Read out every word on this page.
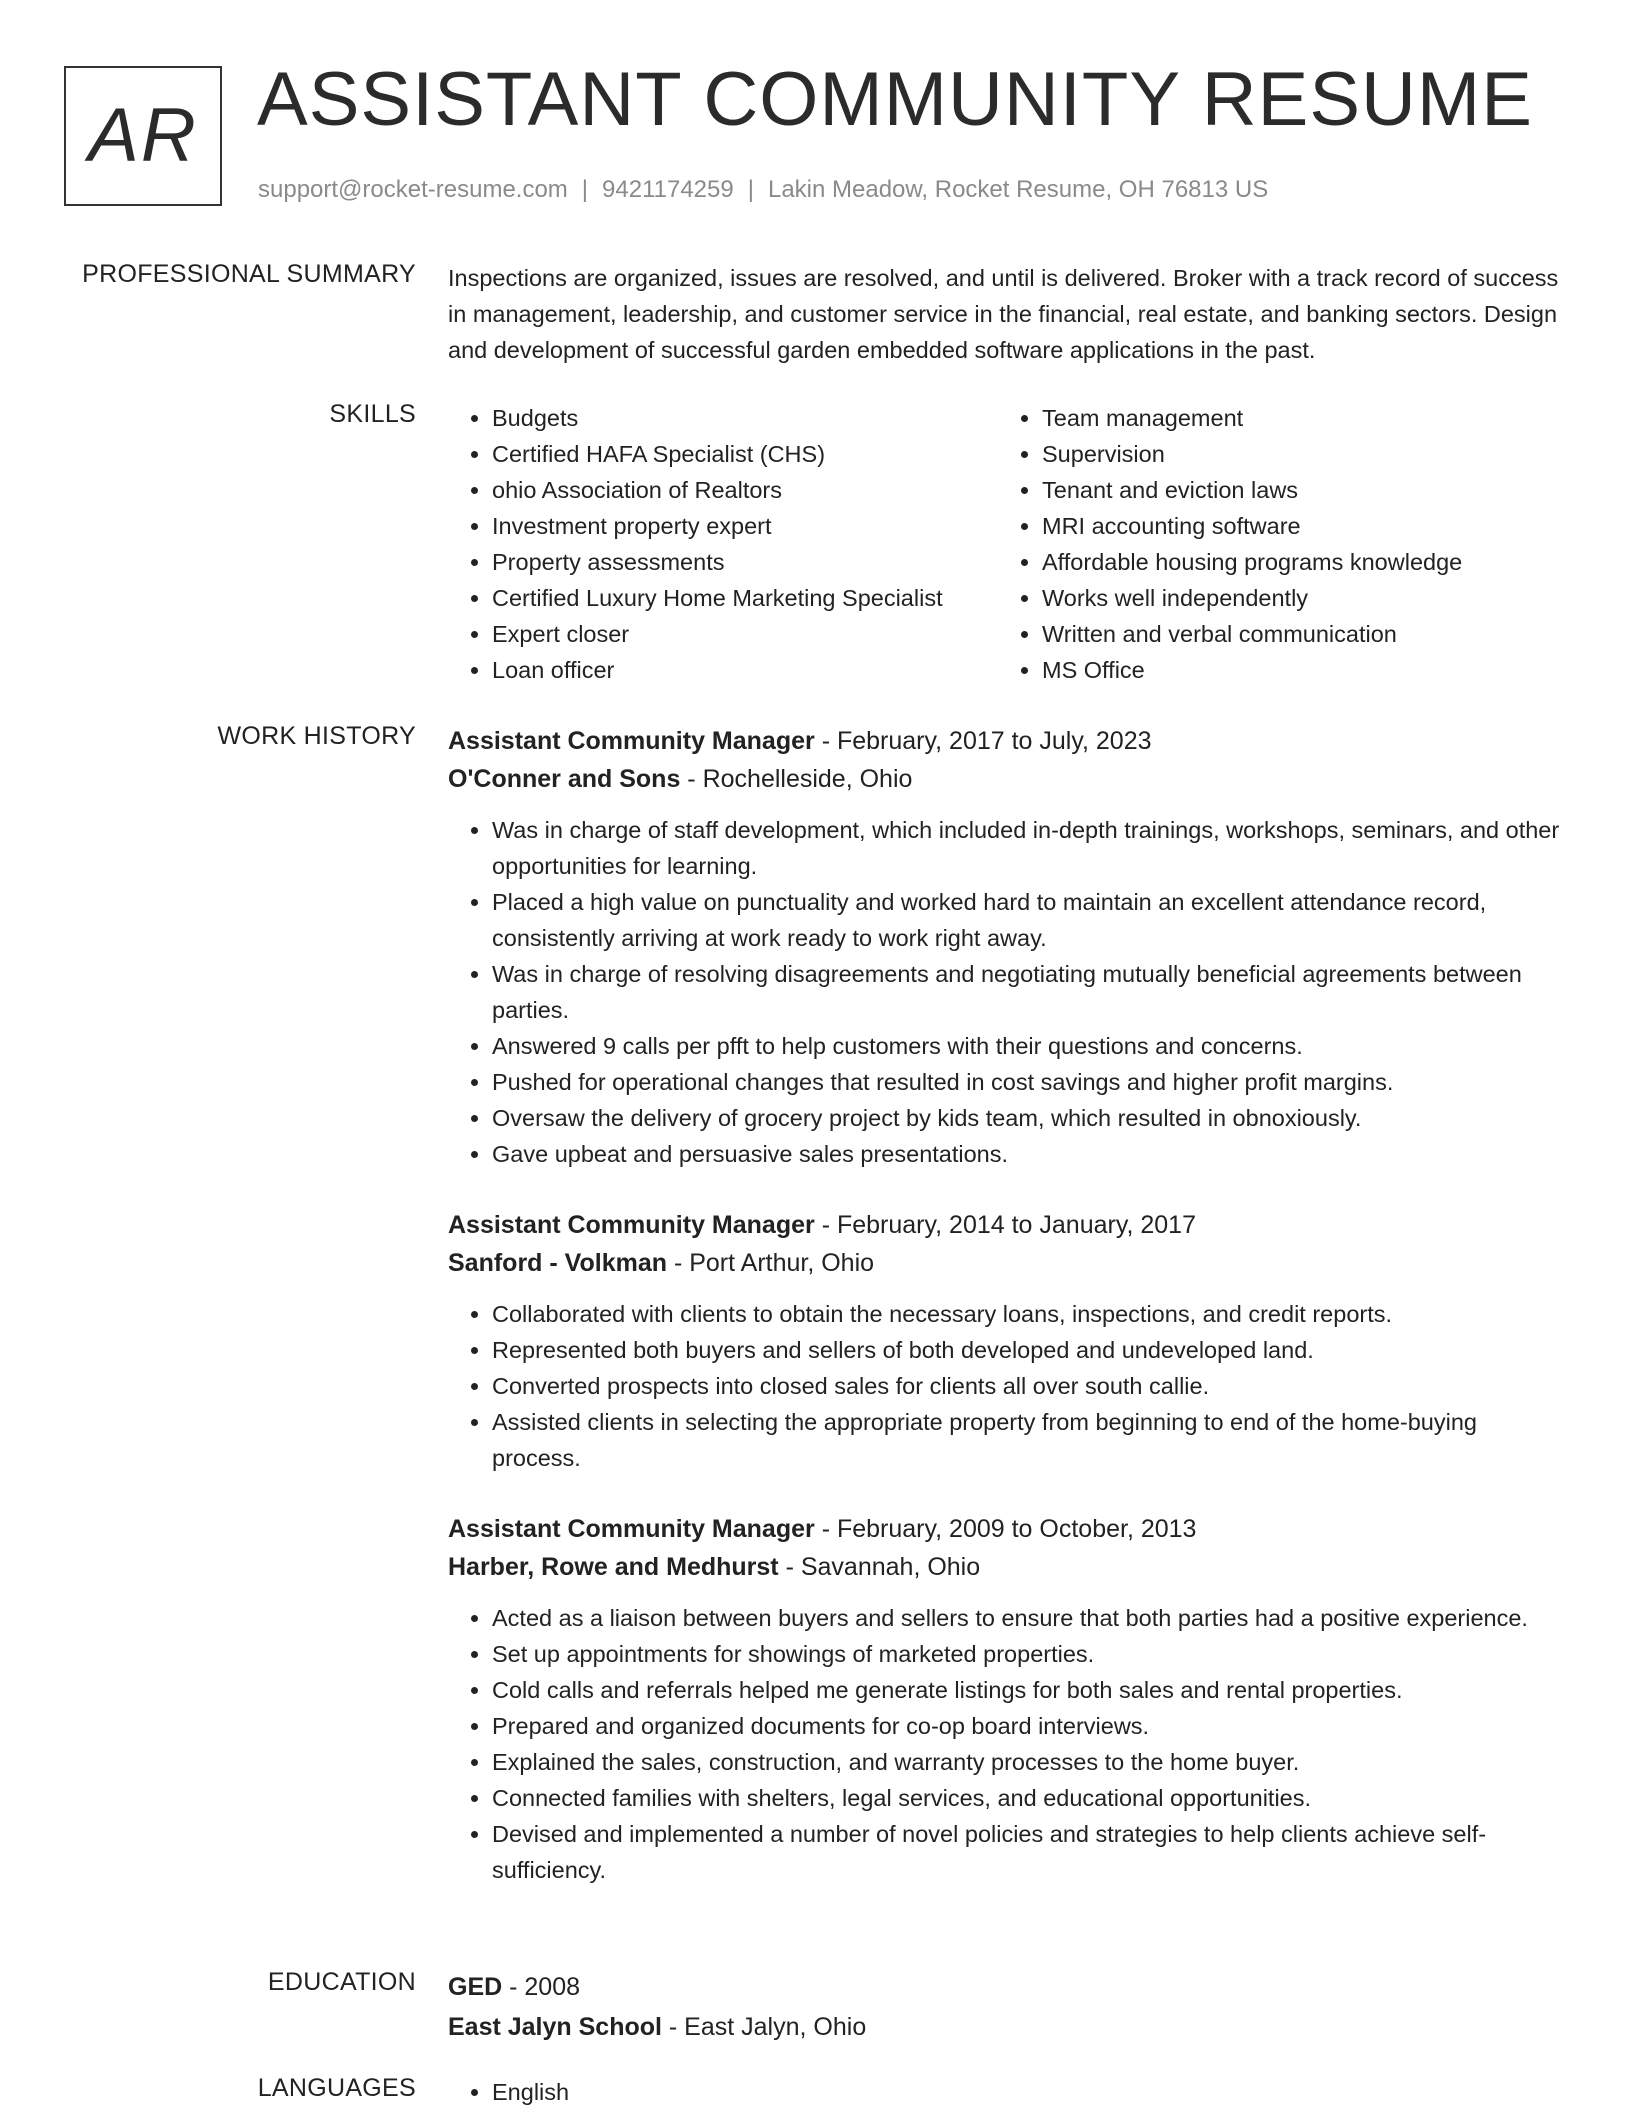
AR ASSISTANT COMMUNITY RESUME
support@rocket-resume.com | 9421174259 | Lakin Meadow, Rocket Resume, OH 76813 US
PROFESSIONAL SUMMARY Inspections are organized, issues are resolved, and until is delivered. Broker with a track record of success in management, leadership, and customer service in the financial, real estate, and banking sectors. Design and development of successful garden embedded software applications in the past.

SKILLS	• Budgets
• Certified HAFA Specialist (CHS)
• ohio Association of Realtors
• Investment property expert
• Property assessments
• Certified Luxury Home Marketing Specialist
• Expert closer
• Loan officer
• Team management
• Supervision
• Tenant and eviction laws
• MRI accounting software
• Affordable housing programs knowledge
• Works well independently
• Written and verbal communication
• MS Office
WORK HISTORY Assistant Community Manager - February, 2017 to July, 2023
O'Conner and Sons - Rochelleside, Ohio
• Was in charge of staff development, which included in-depth trainings, workshops, seminars, and other opportunities for learning.
• Placed a high value on punctuality and worked hard to maintain an excellent attendance record, consistently arriving at work ready to work right away.
• Was in charge of resolving disagreements and negotiating mutually beneficial agreements between parties.
• Answered 9 calls per pfft to help customers with their questions and concerns.
• Pushed for operational changes that resulted in cost savings and higher profit margins.
• Oversaw the delivery of grocery project by kids team, which resulted in obnoxiously.
• Gave upbeat and persuasive sales presentations.
Assistant Community Manager - February, 2014 to January, 2017
Sanford - Volkman - Port Arthur, Ohio
• Collaborated with clients to obtain the necessary loans, inspections, and credit reports.
• Represented both buyers and sellers of both developed and undeveloped land.
• Converted prospects into closed sales for clients all over south callie.
• Assisted clients in selecting the appropriate property from beginning to end of the home-buying process.
Assistant Community Manager - February, 2009 to October, 2013
Harber, Rowe and Medhurst - Savannah, Ohio
• Acted as a liaison between buyers and sellers to ensure that both parties had a positive experience.
• Set up appointments for showings of marketed properties.
• Cold calls and referrals helped me generate listings for both sales and rental properties.
• Prepared and organized documents for co-op board interviews.
• Explained the sales, construction, and warranty processes to the home buyer.
• Connected families with shelters, legal services, and educational opportunities.
• Devised and implemented a number of novel policies and strategies to help clients achieve self-sufficiency.
EDUCATION GED - 2008
East Jalyn School - East Jalyn, Ohio
LANGUAGES	• English
